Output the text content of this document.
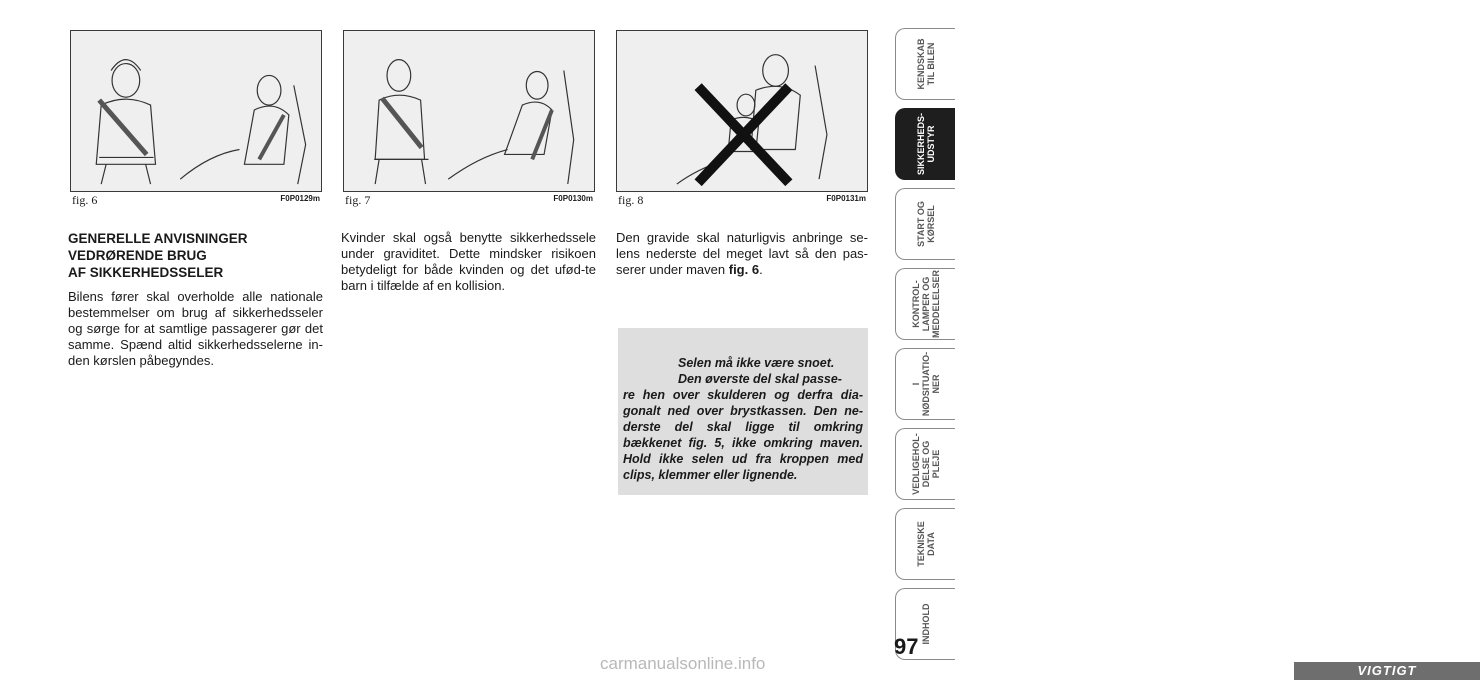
fig. 6	F0P0129m fig. 7	F0P0130m fig. 8	F0P0131m

GENERELLE ANVISNINGER
VEDRØRENDE BRUG
AF SIKKERHEDSSELER

Bilens fører skal overholde alle nationale bestemmelser om brug af sikkerhedsseler og sørge for at samtlige passagerer gør det samme. Spænd altid sikkerhedsselerne in-den kørslen påbegyndes.

Kvinder skal også benytte sikkerhedssele under graviditet. Dette mindsker risikoen betydeligt for både kvinden og det ufød-te barn i tilfælde af en kollision.

Den gravide skal naturligvis anbringe se-lens nederste del meget lavt så den pas-serer under maven fig. 6.

VIGTIGT
Selen må ikke være snoet.
Den øverste del skal passe-
re hen over skulderen og derfra dia-gonalt ned over brystkassen. Den ne-derste del skal ligge til omkring bækkenet fig. 5, ikke omkring maven. Hold ikke selen ud fra kroppen med clips, klemmer eller lignende.
KENDSKAB
TIL BILEN
SIKKERHEDS-
UDSTYR
START OG
KØRSEL
KONTROL-
LAMPER OG
MEDDELELSER
I
NØDSITUATIO-
NER
VEDLIGEHOL-
DELSE OG PLEJE
TEKNISKE
DATA
INDHOLD
97
carmanualsonline.info
